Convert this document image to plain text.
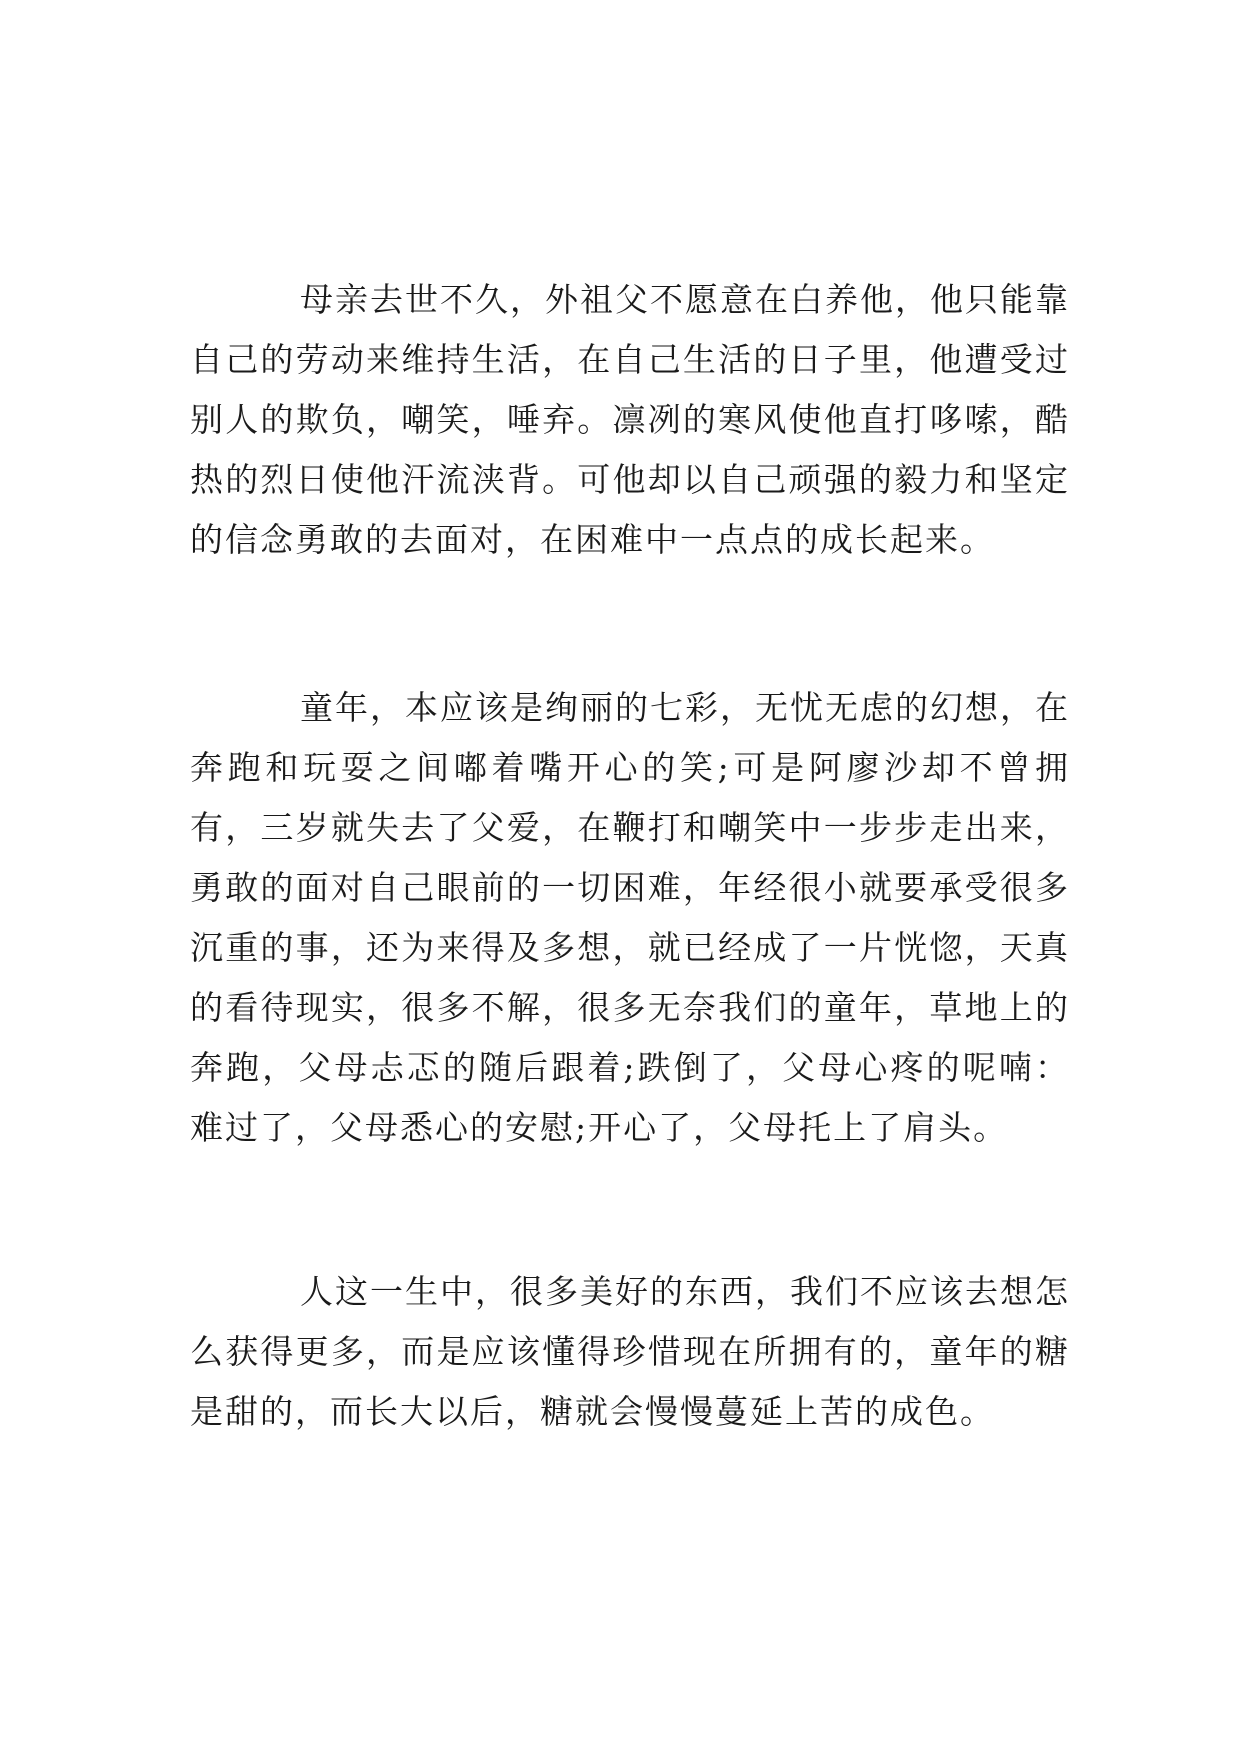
母亲去世不久，外祖父不愿意在白养他，他只能靠自己的劳动来维持生活，在自己生活的日子里，他遭受过别人的欺负，嘲笑，唾弃。凛冽的寒风使他直打哆嗦，酷热的烈日使他汗流浃背。可他却以自己顽强的毅力和坚定的信念勇敢的去面对，在困难中一点点的成长起来。

童年，本应该是绚丽的七彩，无忧无虑的幻想，在奔跑和玩耍之间嘟着嘴开心的笑;可是阿廖沙却不曾拥有，三岁就失去了父爱，在鞭打和嘲笑中一步步走出来，勇敢的面对自己眼前的一切困难，年经很小就要承受很多沉重的事，还为来得及多想，就已经成了一片恍惚，天真的看待现实，很多不解，很多无奈我们的童年，草地上的奔跑，父母忐忑的随后跟着;跌倒了，父母心疼的呢喃：难过了，父母悉心的安慰;开心了，父母托上了肩头。

人这一生中，很多美好的东西，我们不应该去想怎么获得更多，而是应该懂得珍惜现在所拥有的，童年的糖是甜的，而长大以后，糖就会慢慢蔓延上苦的成色。
